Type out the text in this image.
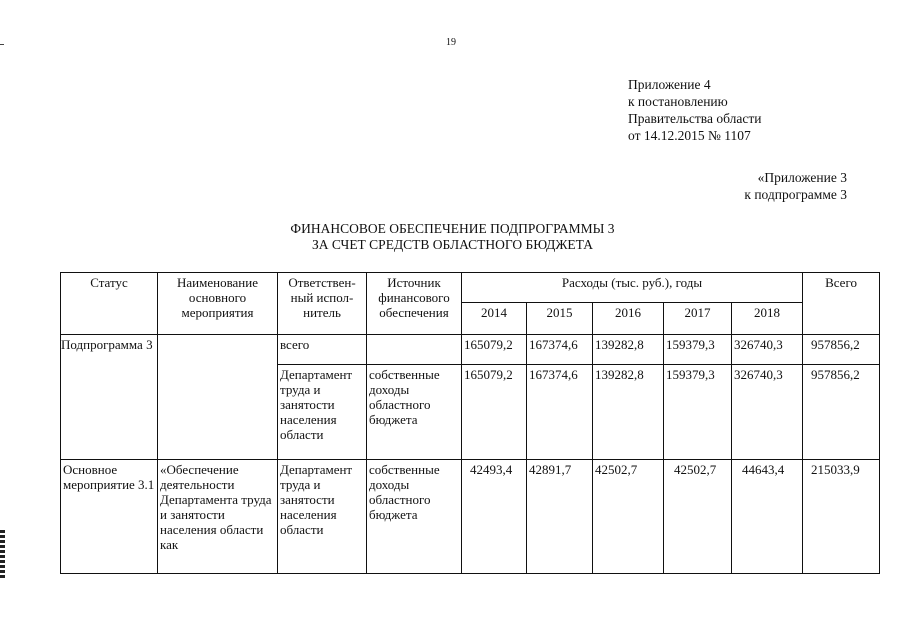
19
Приложение 4
к постановлению
Правительства области
от 14.12.2015 № 1107
«Приложение 3
к подпрограмме 3
ФИНАНСОВОЕ ОБЕСПЕЧЕНИЕ ПОДПРОГРАММЫ 3
ЗА СЧЕТ СРЕДСТВ ОБЛАСТНОГО БЮДЖЕТА
Статус	Наименование основного мероприятия	Ответствен-ный испол-нитель	Источник финансового обеспечения	Расходы (тыс. руб.), годы					Всего
				2014	2015	2016	2017	2018	
Подпрограмма 3		всего		165079,2	167374,6	139282,8	159379,3	326740,3	957856,2
		Департамент труда и занятости населения области	собственные доходы областного бюджета	165079,2	167374,6	139282,8	159379,3	326740,3	957856,2
Основное мероприятие 3.1	«Обеспечение деятельности Департамента труда и занятости населения области как	Департамент труда и занятости населения области	собственные доходы областного бюджета	42493,4	42891,7	42502,7	42502,7	44643,4	215033,9
